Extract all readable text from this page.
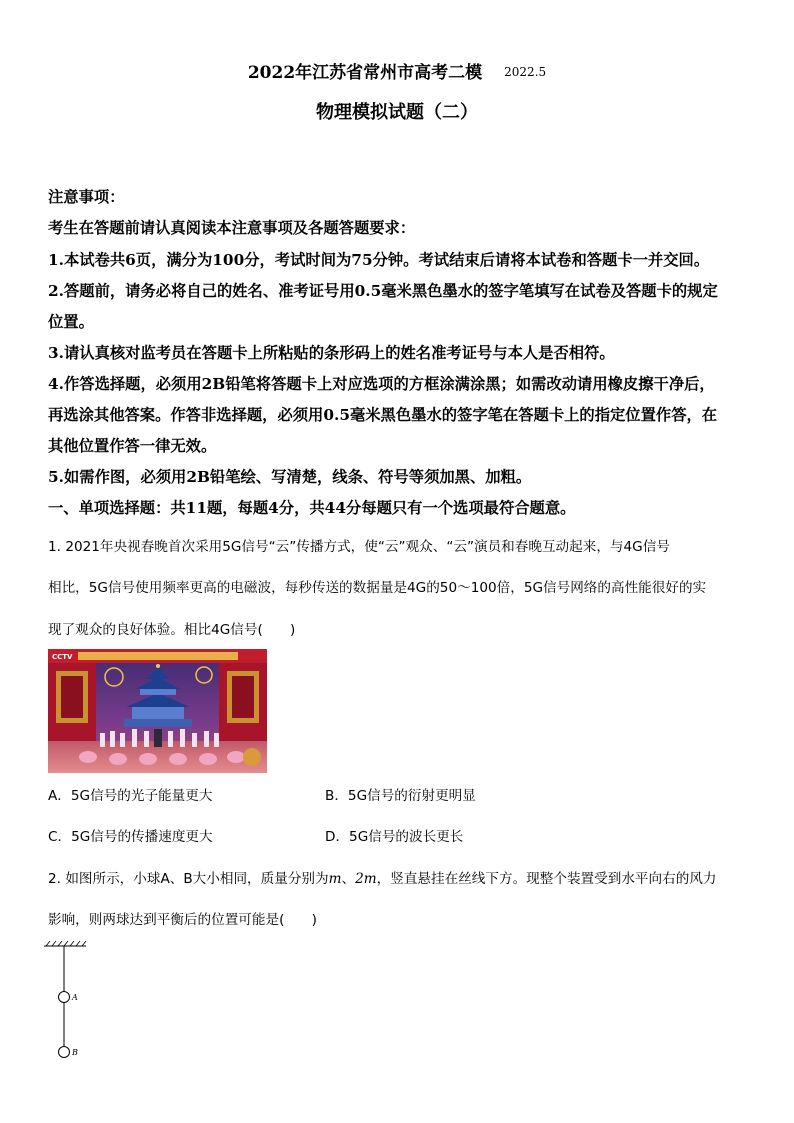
2022年江苏省常州市高考二模 2022.5
物理模拟试题（二）
注意事项：
考生在答题前请认真阅读本注意事项及各题答题要求：
1.本试卷共6页，满分为100分，考试时间为75分钟。考试结束后请将本试卷和答题卡一并交回。
2.答题前，请务必将自己的姓名、准考证号用0.5毫米黑色墨水的签字笔填写在试卷及答题卡的规定
位置。
3.请认真核对监考员在答题卡上所粘贴的条形码上的姓名准考证号与本人是否相符。
4.作答选择题，必须用2B铅笔将答题卡上对应选项的方框涂满涂黑；如需改动请用橡皮擦干净后，
再选涂其他答案。作答非选择题，必须用0.5毫米黑色墨水的签字笔在答题卡上的指定位置作答，在
其他位置作答一律无效。
5.如需作图，必须用2B铅笔绘、写清楚，线条、符号等须加黑、加粗。
一、单项选择题：共11题，每题4分，共44分每题只有一个选项最符合题意。
1. 2021年央视春晚首次采用5G信号“云”传播方式，使“云”观众、“云”演员和春晚互动起来，与4G信号
相比，5G信号使用频率更高的电磁波，每秒传送的数据量是4G的50～100倍，5G信号网络的高性能很好的实
现了观众的良好体验。相比4G信号(　　)
CCTV
A．5G信号的光子能量更大	B．5G信号的衍射更明显
C．5G信号的传播速度更大	D．5G信号的波长更长
2. 如图所示，小球A、B大小相同，质量分别为m、2m，竖直悬挂在丝线下方。现整个装置受到水平向右的风力
影响，则两球达到平衡后的位置可能是(　　)
A
B
